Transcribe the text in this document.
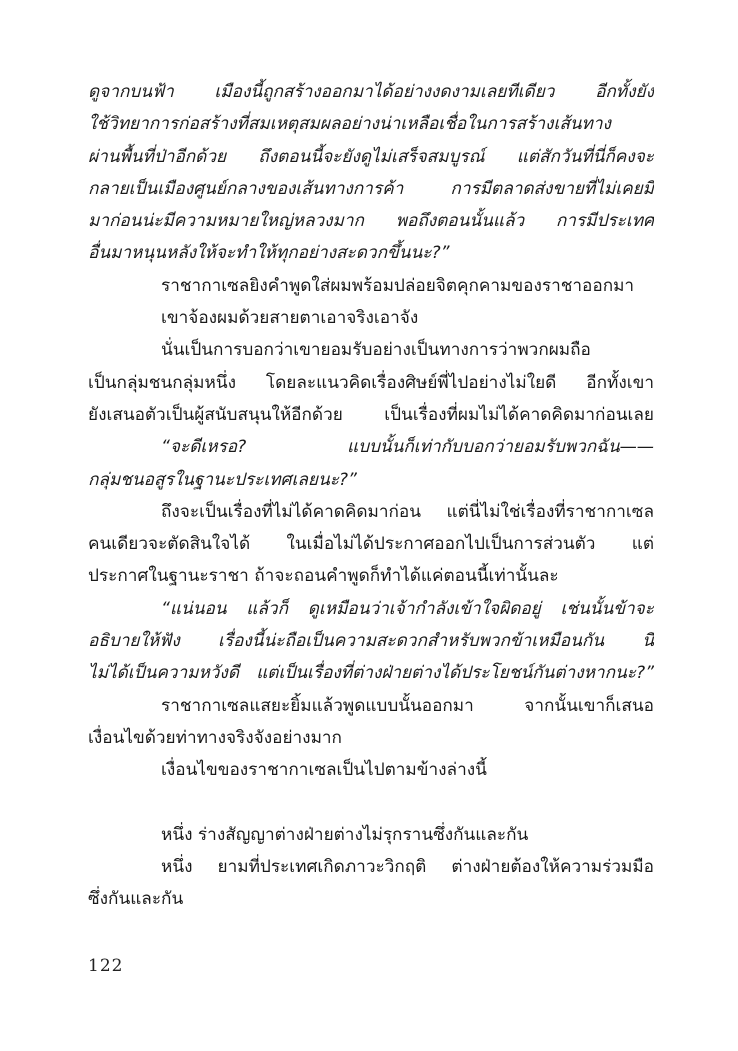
ดูจากบนฟ้า เมืองนี้ถูกสร้างออกมาได้อย่างงดงามเลยทีเดียว อีกทั้งยัง
ใช้วิทยาการก่อสร้างที่สมเหตุสมผลอย่างน่าเหลือเชื่อในการสร้างเส้นทาง
ผ่านพื้นที่ป่าอีกด้วย ถึงตอนนี้จะยังดูไม่เสร็จสมบูรณ์ แต่สักวันที่นี่ก็คงจะ
กลายเป็นเมืองศูนย์กลางของเส้นทางการค้า การมีตลาดส่งขายที่ไม่เคยมี
มาก่อนน่ะมีความหมายใหญ่หลวงมาก พอถึงตอนนั้นแล้ว การมีประเทศ
อื่นมาหนุนหลังให้จะทำให้ทุกอย่างสะดวกขึ้นนะ?”
ราชากาเซลยิงคำพูดใส่ผมพร้อมปล่อยจิตคุกคามของราชาออกมา
เขาจ้องผมด้วยสายตาเอาจริงเอาจัง
นั่นเป็นการบอกว่าเขายอมรับอย่างเป็นทางการว่าพวกผมถือ
เป็นกลุ่มชนกลุ่มหนึ่ง โดยละแนวคิดเรื่องศิษย์พี่ไปอย่างไม่ใยดี อีกทั้งเขา
ยังเสนอตัวเป็นผู้สนับสนุนให้อีกด้วย เป็นเรื่องที่ผมไม่ได้คาดคิดมาก่อนเลย
“จะดีเหรอ? แบบนั้นก็เท่ากับบอกว่ายอมรับพวกฉัน——
กลุ่มชนอสูรในฐานะประเทศเลยนะ?”
ถึงจะเป็นเรื่องที่ไม่ได้คาดคิดมาก่อน แต่นี่ไม่ใช่เรื่องที่ราชากาเซล
คนเดียวจะตัดสินใจได้ ในเมื่อไม่ได้ประกาศออกไปเป็นการส่วนตัว แต่
ประกาศในฐานะราชา ถ้าจะถอนคำพูดก็ทำได้แค่ตอนนี้เท่านั้นละ
“แน่นอน แล้วก็ ดูเหมือนว่าเจ้ากำลังเข้าใจผิดอยู่ เช่นนั้นข้าจะ
อธิบายให้ฟัง เรื่องนี้น่ะถือเป็นความสะดวกสำหรับพวกข้าเหมือนกัน นี่
ไม่ได้เป็นความหวังดี แต่เป็นเรื่องที่ต่างฝ่ายต่างได้ประโยชน์กันต่างหากนะ?”
ราชากาเซลแสยะยิ้มแล้วพูดแบบนั้นออกมา จากนั้นเขาก็เสนอ
เงื่อนไขด้วยท่าทางจริงจังอย่างมาก
เงื่อนไขของราชากาเซลเป็นไปตามข้างล่างนี้
หนึ่ง ร่างสัญญาต่างฝ่ายต่างไม่รุกรานซึ่งกันและกัน
หนึ่ง ยามที่ประเทศเกิดภาวะวิกฤติ ต่างฝ่ายต้องให้ความร่วมมือ
ซึ่งกันและกัน
122
